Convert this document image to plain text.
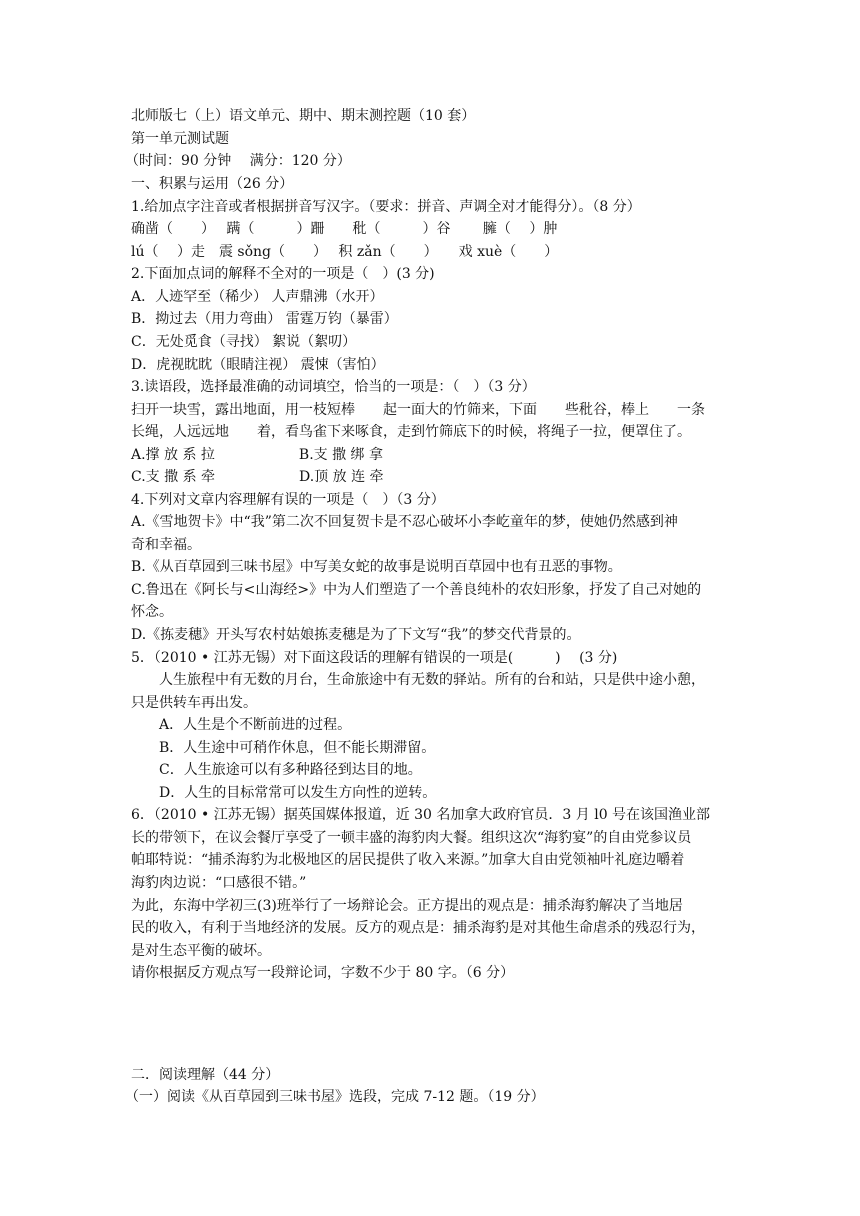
北师版七（上）语文单元、期中、期末测控题（10 套）
第一单元测试题
（时间：90 分钟　 满分：120 分）
一、积累与运用（26 分）
1.给加点字注音或者根据拼音写汉字。（要求：拼音、声调全对才能得分）。（8 分）
确凿（　　）　 蹒（　　　）跚　　秕（　　　）谷　　 臃（　 ）肿
lú（　 ）走　震 sǒng（　　）　 积 zǎn（　　）　　戏 xuè（　　）
2.下面加点词的解释不全对的一项是（　）(3 分)
A．人迹罕至（稀少） 人声鼎沸（水开）
B．拗过去（用力弯曲） 雷霆万钧（暴雷）
C．无处觅食（寻找） 絮说（絮叨）
D．虎视眈眈（眼睛注视） 震悚（害怕）
3.读语段，选择最准确的动词填空，恰当的一项是：（　）（3 分）
扫开一块雪，露出地面，用一枝短棒　　起一面大的竹筛来，下面　　些秕谷，棒上　　一条
长绳，人远远地　　着，看鸟雀下来啄食，走到竹筛底下的时候，将绳子一拉，便罩住了。
A.撑 放 系 拉　　　　　　B.支 撒 绑 拿
C.支 撒 系 牵　　　　　　D.顶 放 连 牵
4.下列对文章内容理解有误的一项是（　）（3 分）
A.《雪地贺卡》中“我”第二次不回复贺卡是不忍心破坏小李屹童年的梦，使她仍然感到神
奇和幸福。
B.《从百草园到三味书屋》中写美女蛇的故事是说明百草园中也有丑恶的事物。
C.鲁迅在《阿长与<山海经>》中为人们塑造了一个善良纯朴的农妇形象，抒发了自己对她的
怀念。
D.《拣麦穗》开头写农村姑娘拣麦穗是为了下文写“我”的梦交代背景的。
5．（2010 • 江苏无锡）对下面这段话的理解有错误的一项是(　　　)　 (3 分)
　　人生旅程中有无数的月台，生命旅途中有无数的驿站。所有的台和站，只是供中途小憩，
只是供转车再出发。
　　A．人生是个不断前进的过程。
　　B．人生途中可稍作休息，但不能长期滞留。
　　C．人生旅途可以有多种路径到达目的地。
　　D．人生的目标常常可以发生方向性的逆转。
6．（2010 • 江苏无锡）据英国媒体报道，近 30 名加拿大政府官员．3 月 l0 号在该国渔业部
长的带领下，在议会餐厅享受了一顿丰盛的海豹肉大餐。组织这次“海豹宴”的自由党参议员
帕耶特说：“捕杀海豹为北极地区的居民提供了收入来源。”加拿大自由党领袖叶礼庭边嚼着
海豹肉边说：“口感很不错。”
为此，东海中学初三(3)班举行了一场辩论会。正方提出的观点是：捕杀海豹解决了当地居
民的收入，有利于当地经济的发展。反方的观点是：捕杀海豹是对其他生命虐杀的残忍行为，
是对生态平衡的破坏。
请你根据反方观点写一段辩论词，字数不少于 80 字。（6 分）
二．阅读理解（44 分）
（一）阅读《从百草园到三味书屋》选段，完成 7-12 题。（19 分）
